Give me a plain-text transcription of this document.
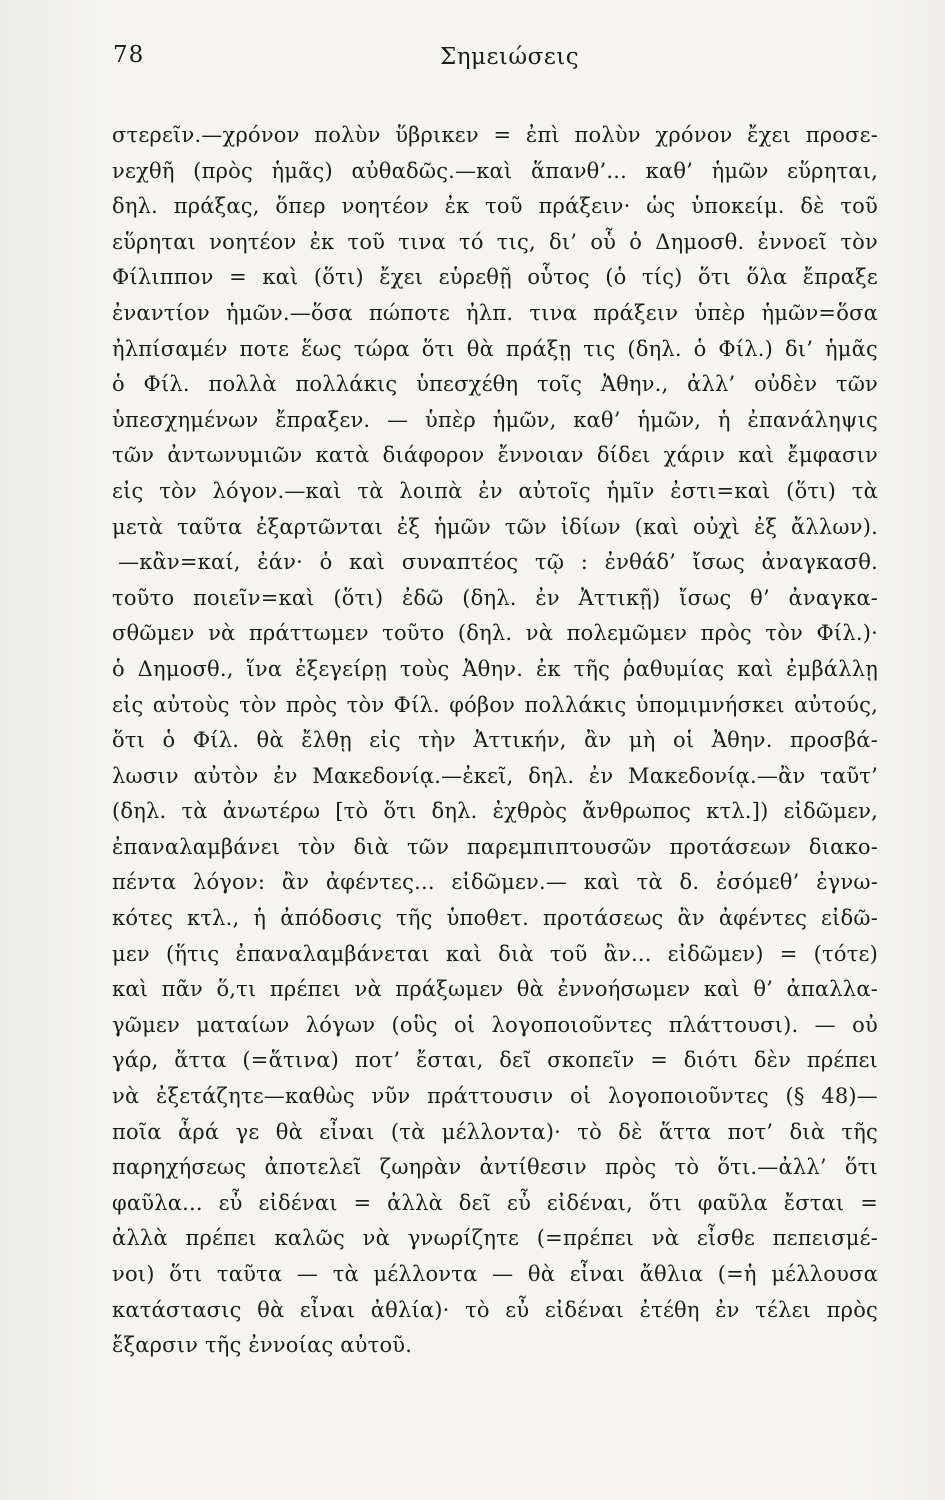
78	Σημειώσεις
στερεῖν.—χρόνον πολὺν ὕβρικεν = ἐπὶ πολὺν χρόνον ἔχει προσε-
νεχθῆ (πρὸς ἡμᾶς) αὐθαδῶς.—καὶ ἅπανθ’... καθ’ ἡμῶν εὕρηται,
δηλ. πράξας, ὅπερ νοητέον ἐκ τοῦ πράξειν· ὡς ὑποκείμ. δὲ τοῦ
εὕρηται νοητέον ἐκ τοῦ τινα τό τις, δι’ οὗ ὁ Δημοσθ. ἐννοεῖ τὸν
Φίλιππον = καὶ (ὅτι) ἔχει εὑρεθῇ οὗτος (ὁ τίς) ὅτι ὅλα ἔπραξε
ἐναντίον ἡμῶν.—ὅσα πώποτε ἠλπ. τινα πράξειν ὑπὲρ ἡμῶν=ὅσα
ἠλπίσαμέν ποτε ἕως τώρα ὅτι θὰ πράξῃ τις (δηλ. ὁ Φίλ.) δι’ ἡμᾶς
ὁ Φίλ. πολλὰ πολλάκις ὑπεσχέθη τοῖς Ἀθην., ἀλλ’ οὐδὲν τῶν
ὑπεσχημένων ἔπραξεν. — ὑπὲρ ἡμῶν, καθ’ ἡμῶν, ἡ ἐπανάληψις
τῶν ἀντωνυμιῶν κατὰ διάφορον ἔννοιαν δίδει χάριν καὶ ἔμφασιν
εἰς τὸν λόγον.—καὶ τὰ λοιπὰ ἐν αὐτοῖς ἡμῖν ἐστι=καὶ (ὅτι) τὰ
μετὰ ταῦτα ἐξαρτῶνται ἐξ ἡμῶν τῶν ἰδίων (καὶ οὐχὶ ἐξ ἄλλων).
—κἂν=καί, ἐάν· ὁ καὶ συναπτέος τῷ : ἐνθάδ’ ἴσως ἀναγκασθ.
τοῦτο ποιεῖν=καὶ (ὅτι) ἐδῶ (δηλ. ἐν Ἀττικῇ) ἴσως θ’ ἀναγκα-
σθῶμεν νὰ πράττωμεν τοῦτο (δηλ. νὰ πολεμῶμεν πρὸς τὸν Φίλ.)·
ὁ Δημοσθ., ἵνα ἐξεγείρῃ τοὺς Ἀθην. ἐκ τῆς ῥαθυμίας καὶ ἐμβάλλῃ
εἰς αὐτοὺς τὸν πρὸς τὸν Φίλ. φόβον πολλάκις ὑπομιμνήσκει αὐτούς,
ὅτι ὁ Φίλ. θὰ ἔλθῃ εἰς τὴν Ἀττικήν, ἂν μὴ οἱ Ἀθην. προσβά-
λωσιν αὐτὸν ἐν Μακεδονίᾳ.—ἐκεῖ, δηλ. ἐν Μακεδονίᾳ.—ἂν ταῦτ’
(δηλ. τὰ ἀνωτέρω [τὸ ὅτι δηλ. ἐχθρὸς ἄνθρωπος κτλ.]) εἰδῶμεν,
ἐπαναλαμβάνει τὸν διὰ τῶν παρεμπιπτουσῶν προτάσεων διακο-
πέντα λόγον: ἂν ἀφέντες... εἰδῶμεν.— καὶ τὰ δ. ἐσόμεθ’ ἐγνω-
κότες κτλ., ἡ ἀπόδοσις τῆς ὑποθετ. προτάσεως ἂν ἀφέντες εἰδῶ-
μεν (ἥτις ἐπαναλαμβάνεται καὶ διὰ τοῦ ἂν... εἰδῶμεν) = (τότε)
καὶ πᾶν ὅ,τι πρέπει νὰ πράξωμεν θὰ ἐννοήσωμεν καὶ θ’ ἀπαλλα-
γῶμεν ματαίων λόγων (οὓς οἱ λογοποιοῦντες πλάττουσι). — οὐ
γάρ, ἅττα (=ἅτινα) ποτ’ ἔσται, δεῖ σκοπεῖν = διότι δὲν πρέπει
νὰ ἐξετάζητε—καθὼς νῦν πράττουσιν οἱ λογοποιοῦντες (§ 48)—
ποῖα ἆρά γε θὰ εἶναι (τὰ μέλλοντα)· τὸ δὲ ἅττα ποτ’ διὰ τῆς
παρηχήσεως ἀποτελεῖ ζωηρὰν ἀντίθεσιν πρὸς τὸ ὅτι.—ἀλλ’ ὅτι
φαῦλα... εὖ εἰδέναι = ἀλλὰ δεῖ εὖ εἰδέναι, ὅτι φαῦλα ἔσται =
ἀλλὰ πρέπει καλῶς νὰ γνωρίζητε (=πρέπει νὰ εἶσθε πεπεισμέ-
νοι) ὅτι ταῦτα — τὰ μέλλοντα — θὰ εἶναι ἄθλια (=ἡ μέλλουσα
κατάστασις θὰ εἶναι ἀθλία)· τὸ εὖ εἰδέναι ἐτέθη ἐν τέλει πρὸς
ἔξαρσιν τῆς ἐννοίας αὐτοῦ.
